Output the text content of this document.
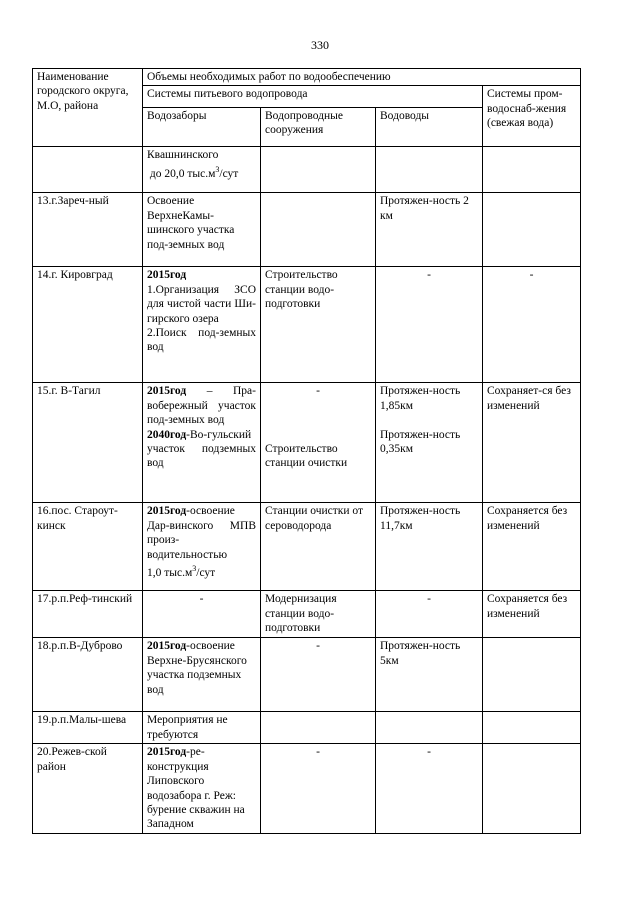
330
Наименование городского округа, М.О, района	Объемы необходимых работ по водообеспечению			
	Системы питьевого водопровода			Системы пром-водоснаб-жения (свежая вода)
	Водозаборы	Водопроводные сооружения	Водоводы	

	Квашнинского
до 20,0 $тыс.м^3$/сут			

13.г.Зареч-ный	Освоение ВерхнеКамы-шинского участка под-земных вод		Протяжен-ность 2 км	
14.г. Кировград	2015год
1.Организация ЗСО для чистой части Ши-гирского озера
2.Поиск под-земных вод	Строительство станции водо-подготовки	-	-
15.г. В-Тагил	2015год – Пра-вобережный участок под-земных вод
2040год-Во-гульский участок подземных вод	-
Строительство станции очистки	Протяжен-ность 1,85км
Протяжен-ность 0,35км	Сохраняет-ся без изменений
16.пос. Староут-кинск	2015год-освоение Дар-винского МПВ произ-водительностью
1,0 $тыс.м^3$/сут	Станции очистки от сероводорода	Протяжен-ность 11,7км	Сохраняется без изменений
17.р.п.Реф-тинский	-	Модернизация станции водо-подготовки	-	Сохраняется без изменений
18.р.п.В-Дуброво	2015год-освоение Верхне-Брусянского участка подземных вод	-	Протяжен-ность 5км	
19.р.п.Малы-шева	Мероприятия не требуются			
20.Режев-ской район	2015год-ре-конструкция Липовского водозабора г. Реж: бурение скважин на Западном	-	-	
